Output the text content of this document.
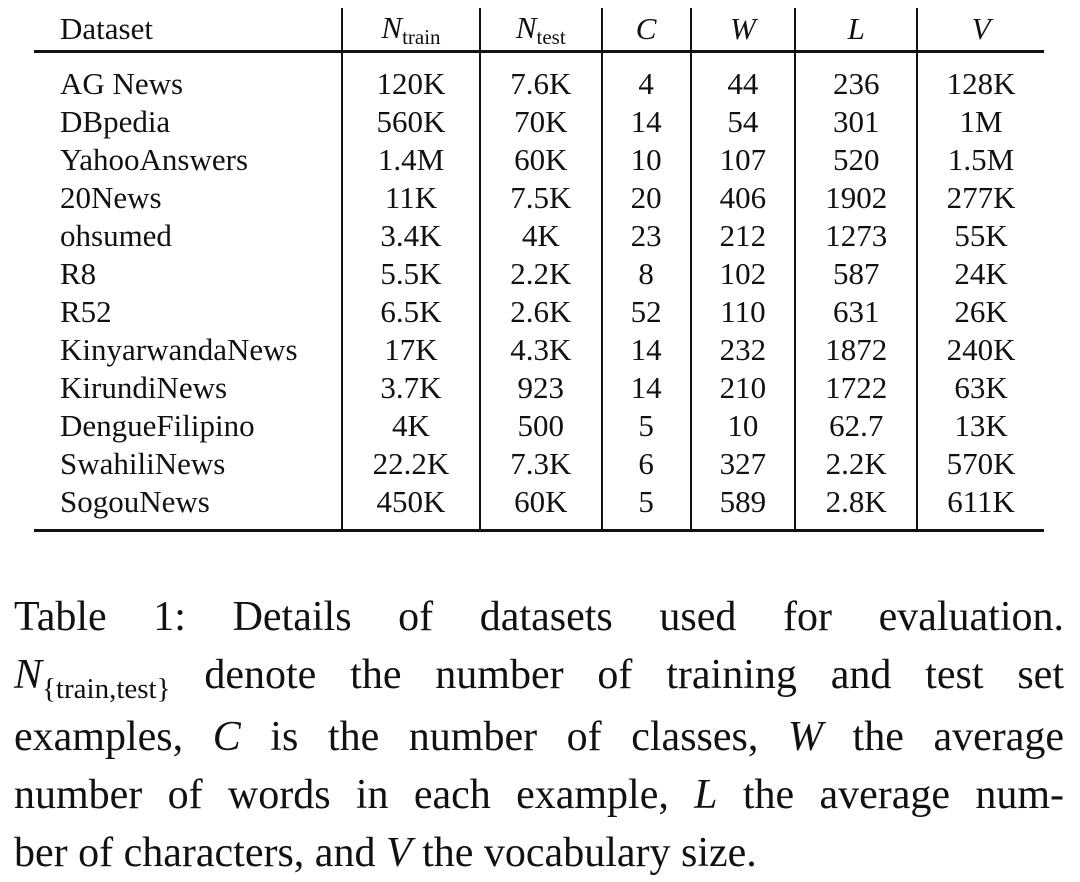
Dataset	Ntrain	Ntest	C	W	L	V
AG News	120K	7.6K	4	44	236	128K
DBpedia	560K	70K	14	54	301	1M
YahooAnswers	1.4M	60K	10	107	520	1.5M
20News	11K	7.5K	20	406	1902	277K
ohsumed	3.4K	4K	23	212	1273	55K
R8	5.5K	2.2K	8	102	587	24K
R52	6.5K	2.6K	52	110	631	26K
KinyarwandaNews	17K	4.3K	14	232	1872	240K
KirundiNews	3.7K	923	14	210	1722	63K
DengueFilipino	4K	500	5	10	62.7	13K
SwahiliNews	22.2K	7.3K	6	327	2.2K	570K
SogouNews	450K	60K	5	589	2.8K	611K
Table 1: Details of datasets used for evaluation.
$N_{\{train,test\}}$ denote the number of training and test set
examples, C is the number of classes, W the average
number of words in each example, L the average num-
ber of characters, and V the vocabulary size.
